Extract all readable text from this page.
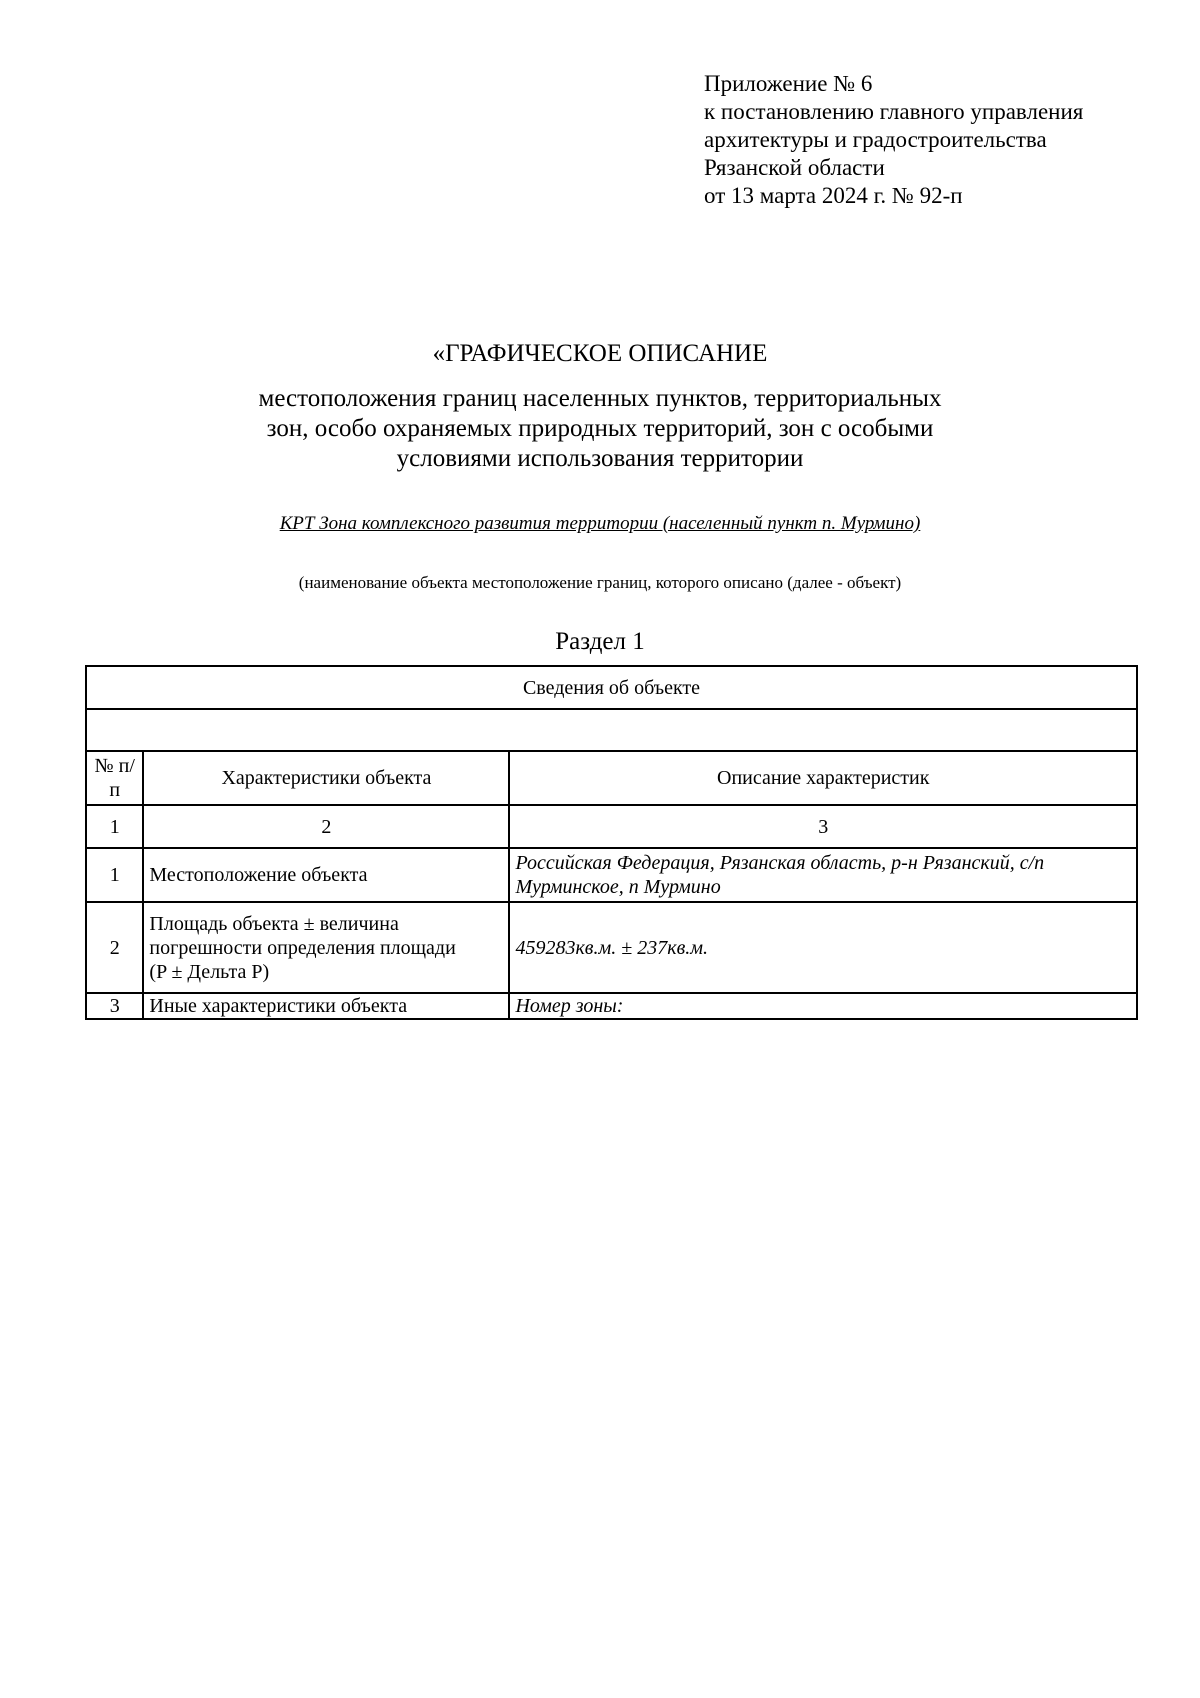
Приложение № 6
к постановлению главного управления
архитектуры и градостроительства
Рязанской области
от 13 марта 2024 г. № 92-п
«ГРАФИЧЕСКОЕ ОПИСАНИЕ
местоположения границ населенных пунктов, территориальных
зон, особо охраняемых природных территорий, зон с особыми
условиями использования территории
КРТ Зона комплексного развития территории (населенный пункт п. Мурмино)
(наименование объекта местоположение границ, которого описано (далее - объект)
Раздел 1
Сведения об объекте		

№ п/п	Характеристики объекта	Описание характеристик
1	2	3
1	Местоположение объекта	Российская Федерация, Рязанская область, р-н Рязанский, с/п Мурминское, п Мурмино
2	Площадь объекта ± величина
погрешности определения площади
(P ± Дельта P)	459283кв.м. ± 237кв.м.
3	Иные характеристики объекта	Номер зоны:
